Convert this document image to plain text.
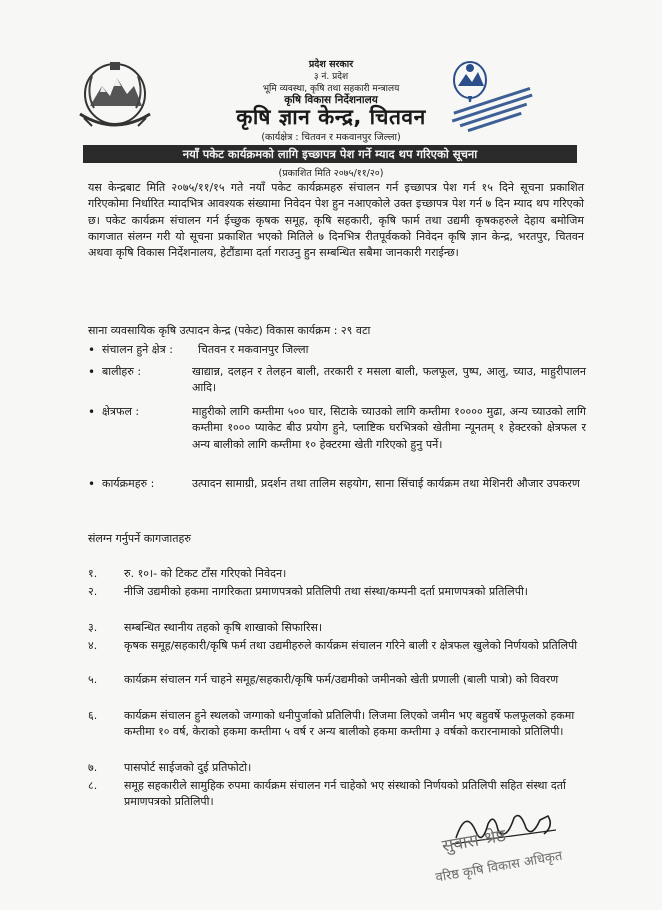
प्रदेश सरकार
३ नं. प्रदेश
भूमि व्यवस्था, कृषि तथा सहकारी मन्त्रालय
कृषि विकास निर्देशनालय
कृषि ज्ञान केन्द्र, चितवन
(कार्यक्षेत्र : चितवन र मकवानपुर जिल्ला)
नयाँ पकेट कार्यक्रमको लागि इच्छापत्र पेश गर्ने म्याद थप गरिएको सूचना
(प्रकाशित मिति २०७५/११/२०)
यस केन्द्रबाट मिति २०७५/११/१५ गते नयाँ पकेट कार्यक्रमहरु संचालन गर्न इच्छापत्र पेश गर्न १५ दिने सूचना प्रकाशित गरिएकोमा निर्धारित म्यादभित्र आवश्यक संख्यामा निवेदन पेश हुन नआएकोले उक्त इच्छापत्र पेश गर्न ७ दिन म्याद थप गरिएको छ। पकेट कार्यक्रम संचालन गर्न ईच्छुक कृषक समूह, कृषि सहकारी, कृषि फार्म तथा उद्यमी कृषकहरुले देहाय बमोजिम कागजात संलग्न गरी यो सूचना प्रकाशित भएको मितिले ७ दिनभित्र रीतपूर्वकको निवेदन कृषि ज्ञान केन्द्र, भरतपुर, चितवन अथवा कृषि विकास निर्देशनालय, हेटौंडामा दर्ता गराउनु हुन सम्बन्धित सबैमा जानकारी गराईन्छ।
साना व्यवसायिक कृषि उत्पादन केन्द्र (पकेट) विकास कार्यक्रम : २९ वटा
• संचालन हुने क्षेत्र : चितवन र मकवानपुर जिल्ला
• बालीहरु :	खाद्यान्न, दलहन र तेलहन बाली, तरकारी र मसला बाली, फलफूल, पुष्प, आलु, च्याउ, माहुरीपालन आदि।
• क्षेत्रफल :	माहुरीको लागि कम्तीमा ५०० घार, सिटाके च्याउको लागि कम्तीमा १०००० मुढा, अन्य च्याउको लागि कम्तीमा १००० प्याकेट बीउ प्रयोग हुने, प्लाष्टिक घरभित्रको खेतीमा न्यूनतम् १ हेक्टरको क्षेत्रफल र अन्य बालीको लागि कम्तीमा १० हेक्टरमा खेती गरिएको हुनु पर्ने।
• कार्यक्रमहरु :	उत्पादन सामाग्री, प्रदर्शन तथा तालिम सहयोग, साना सिंचाई कार्यक्रम तथा मेशिनरी औजार उपकरण
संलग्न गर्नुपर्ने कागजातहरु
१.	रु. १०।- को टिकट टाँस गरिएको निवेदन।
२.	नीजि उद्यमीको हकमा नागरिकता प्रमाणपत्रको प्रतिलिपी तथा संस्था/कम्पनी दर्ता प्रमाणपत्रको प्रतिलिपी।
३.	सम्बन्धित स्थानीय तहको कृषि शाखाको सिफारिस।
४.	कृषक समूह/सहकारी/कृषि फर्म तथा उद्यमीहरुले कार्यक्रम संचालन गरिने बाली र क्षेत्रफल खुलेको निर्णयको प्रतिलिपी
५.	कार्यक्रम संचालन गर्न चाहने समूह/सहकारी/कृषि फर्म/उद्यमीको जमीनको खेती प्रणाली (बाली पात्रो) को विवरण
६.	कार्यक्रम संचालन हुने स्थलको जग्गाको धनीपुर्जाको प्रतिलिपी। लिजमा लिएको जमीन भए बहुवर्षे फलफूलको हकमा कम्तीमा १० वर्ष, केराको हकमा कम्तीमा ५ वर्ष र अन्य बालीको हकमा कम्तीमा ३ वर्षको करारनामाको प्रतिलिपी।
७.	पासपोर्ट साईजको दुई प्रतिफोटो।
८.	समूह सहकारीले सामुहिक रुपमा कार्यक्रम संचालन गर्न चाहेको भए संस्थाको निर्णयको प्रतिलिपी सहित संस्था दर्ता प्रमाणपत्रको प्रतिलिपी।
सुवास श्रेष्ठ
वरिष्ठ कृषि विकास अधिकृत
